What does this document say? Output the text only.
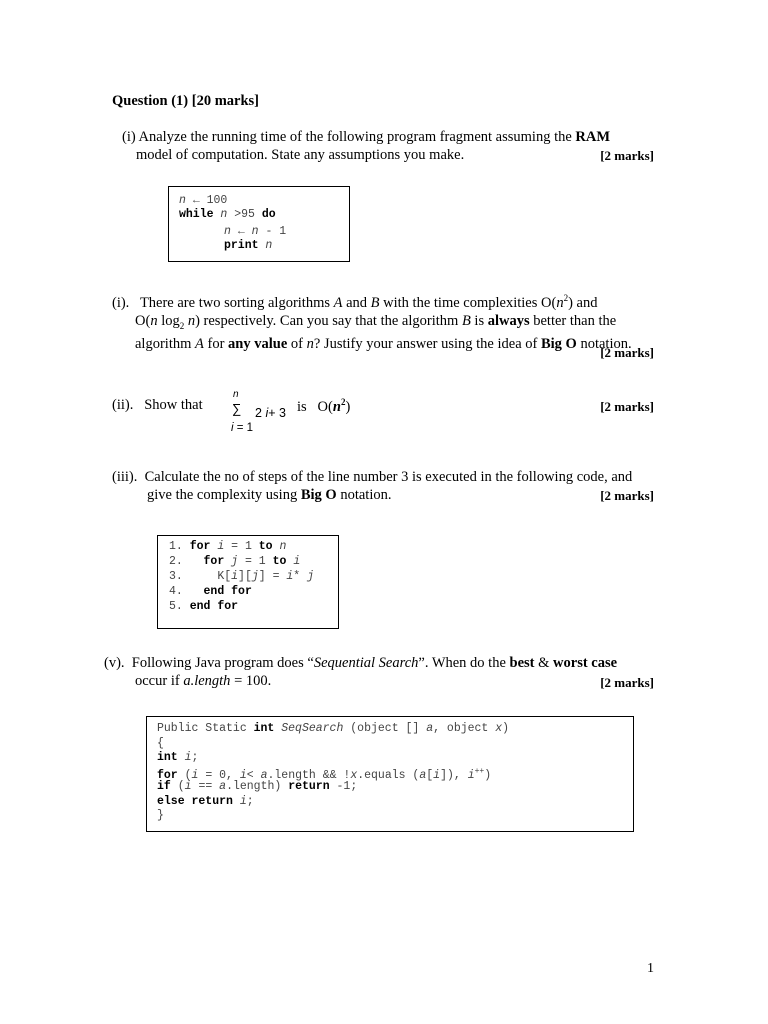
Question (1) [20 marks]
(i) Analyze the running time of the following program fragment assuming the RAM
model of computation. State any assumptions you make.	[2 marks]
n ← 100
while n >95 do
n ← n - 1
print n
(i). There are two sorting algorithms A and B with the time complexities $O(n^2)$ and
O(n $\log_2 n$) respectively. Can you say that the algorithm B is always better than the
algorithm A for any value of n? Justify your answer using the idea of Big O notation.
[2 marks]
(ii). Show that
n
∑ 2 i+ 3
i = 1
is $O(n^2)$	[2 marks]
(iii). Calculate the no of steps of the line number 3 is executed in the following code, and
give the complexity using Big O notation.	[2 marks]
1. for i = 1 to n
2. for j = 1 to i
3.	K[i][j] = i* j
4. end for
5. end for
(v). Following Java program does “Sequential Search”. When do the best & worst case
occur if a.length = 100.	[2 marks]
Public Static int SeqSearch (object [] a, object x)
{
int i;
for (i = 0, i< a.length && !x.equals (a[i]), i++)
if (i == a.length) return -1;
else return i;
}
1
